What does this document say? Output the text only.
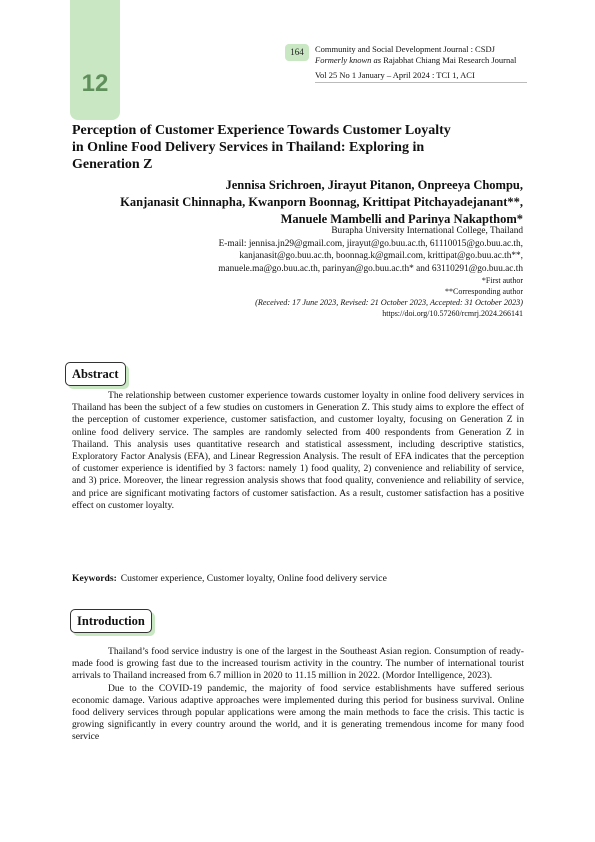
12
164	Community and Social Development Journal : CSDJ
Formerly known as Rajabhat Chiang Mai Research Journal
Vol 25 No 1 January – April 2024 : TCI 1, ACI
Perception of Customer Experience Towards Customer Loyalty
in Online Food Delivery Services in Thailand: Exploring in
Generation Z
Jennisa Srichroen, Jirayut Pitanon, Onpreeya Chompu,
Kanjanasit Chinnapha, Kwanporn Boonnag, Krittipat Pitchayadejanant**,
Manuele Mambelli and Parinya Nakapthom*
Burapha University International College, Thailand
E-mail: jennisa.jn29@gmail.com, jirayut@go.buu.ac.th, 61110015@go.buu.ac.th,
kanjanasit@go.buu.ac.th, boonnag.k@gmail.com, krittipat@go.buu.ac.th**,
manuele.ma@go.buu.ac.th, parinyan@go.buu.ac.th* and 63110291@go.buu.ac.th
*First author
**Corresponding author
(Received: 17 June 2023, Revised: 21 October 2023, Accepted: 31 October 2023)
https://doi.org/10.57260/rcmrj.2024.266141
Abstract

The relationship between customer experience towards customer loyalty in online food delivery services in Thailand has been the subject of a few studies on customers in Generation Z. This study aims to explore the effect of the perception of customer experience, customer satisfaction, and customer loyalty, focusing on Generation Z in online food delivery service. The samples are randomly selected from 400 respondents from Generation Z in Thailand. This analysis uses quantitative research and statistical assessment, including descriptive statistics, Exploratory Factor Analysis (EFA), and Linear Regression Analysis. The result of EFA indicates that the perception of customer experience is identified by 3 factors: namely 1) food quality, 2) convenience and reliability of service, and 3) price. Moreover, the linear regression analysis shows that food quality, convenience and reliability of service, and price are significant motivating factors of customer satisfaction. As a result, customer satisfaction has a positive effect on customer loyalty.

Keywords: Customer experience, Customer loyalty, Online food delivery service
Introduction

Thailand’s food service industry is one of the largest in the Southeast Asian region. Consumption of ready-made food is growing fast due to the increased tourism activity in the country. The number of international tourist arrivals to Thailand increased from 6.7 million in 2020 to 11.15 million in 2022. (Mordor Intelligence, 2023).

Due to the COVID-19 pandemic, the majority of food service establishments have suffered serious economic damage. Various adaptive approaches were implemented during this period for business survival. Online food delivery services through popular applications were among the main methods to face the crisis. This tactic is growing significantly in every country around the world, and it is generating tremendous income for many food service
